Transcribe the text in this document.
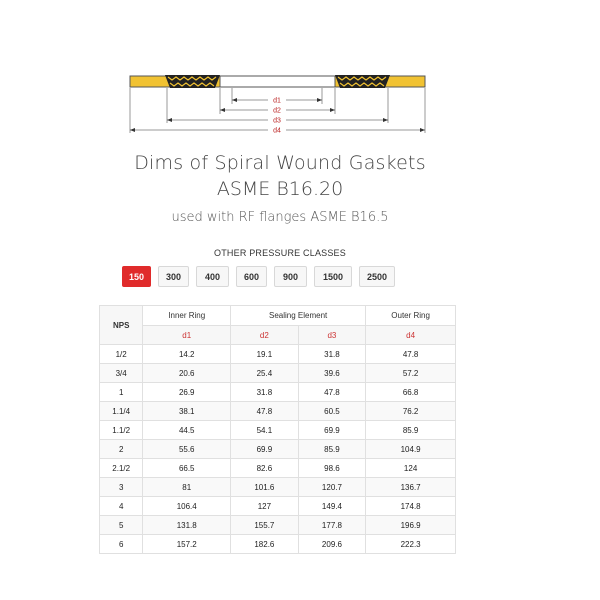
d1
d2
d3
d4
Dims of Spiral Wound Gaskets
ASME B16.20
used with RF flanges ASME B16.5
OTHER PRESSURE CLASSES
150	300	400	600	900	1500	2500
NPS	Inner Ring	Sealing Element		Outer Ring
	d1	d2	d3	d4
1/2	14.2	19.1	31.8	47.8
3/4	20.6	25.4	39.6	57.2
1	26.9	31.8	47.8	66.8
1.1/4	38.1	47.8	60.5	76.2
1.1/2	44.5	54.1	69.9	85.9
2	55.6	69.9	85.9	104.9
2.1/2	66.5	82.6	98.6	124
3	81	101.6	120.7	136.7
4	106.4	127	149.4	174.8
5	131.8	155.7	177.8	196.9
6	157.2	182.6	209.6	222.3
